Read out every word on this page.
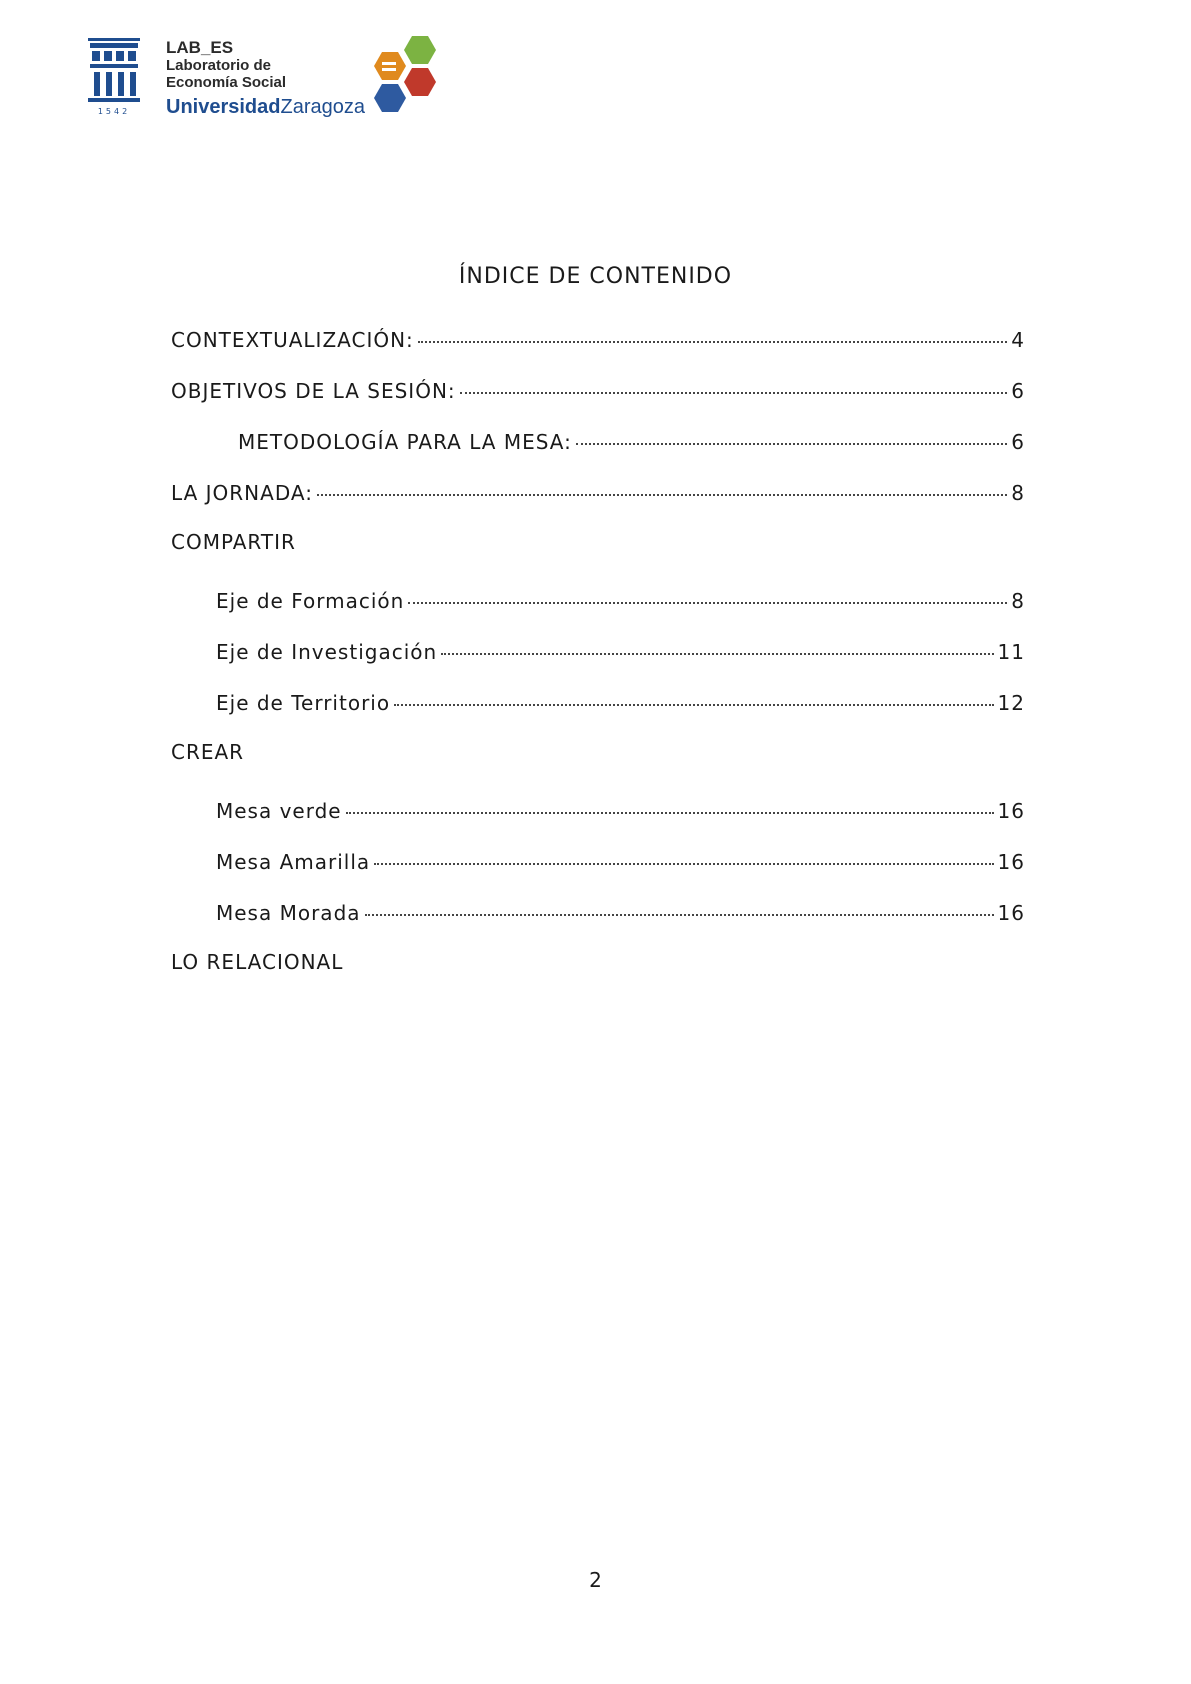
1542
LAB_ES
Laboratorio de
Economía Social
UniversidadZaragoza
ÍNDICE DE CONTENIDO
CONTEXTUALIZACIÓN:	4
OBJETIVOS DE LA SESIÓN:	6
METODOLOGÍA PARA LA MESA:	6
LA JORNADA:	8
COMPARTIR
Eje de Formación	8
Eje de Investigación	11
Eje de Territorio	12
CREAR
Mesa verde	16
Mesa Amarilla	16
Mesa Morada	16
LO RELACIONAL
2
